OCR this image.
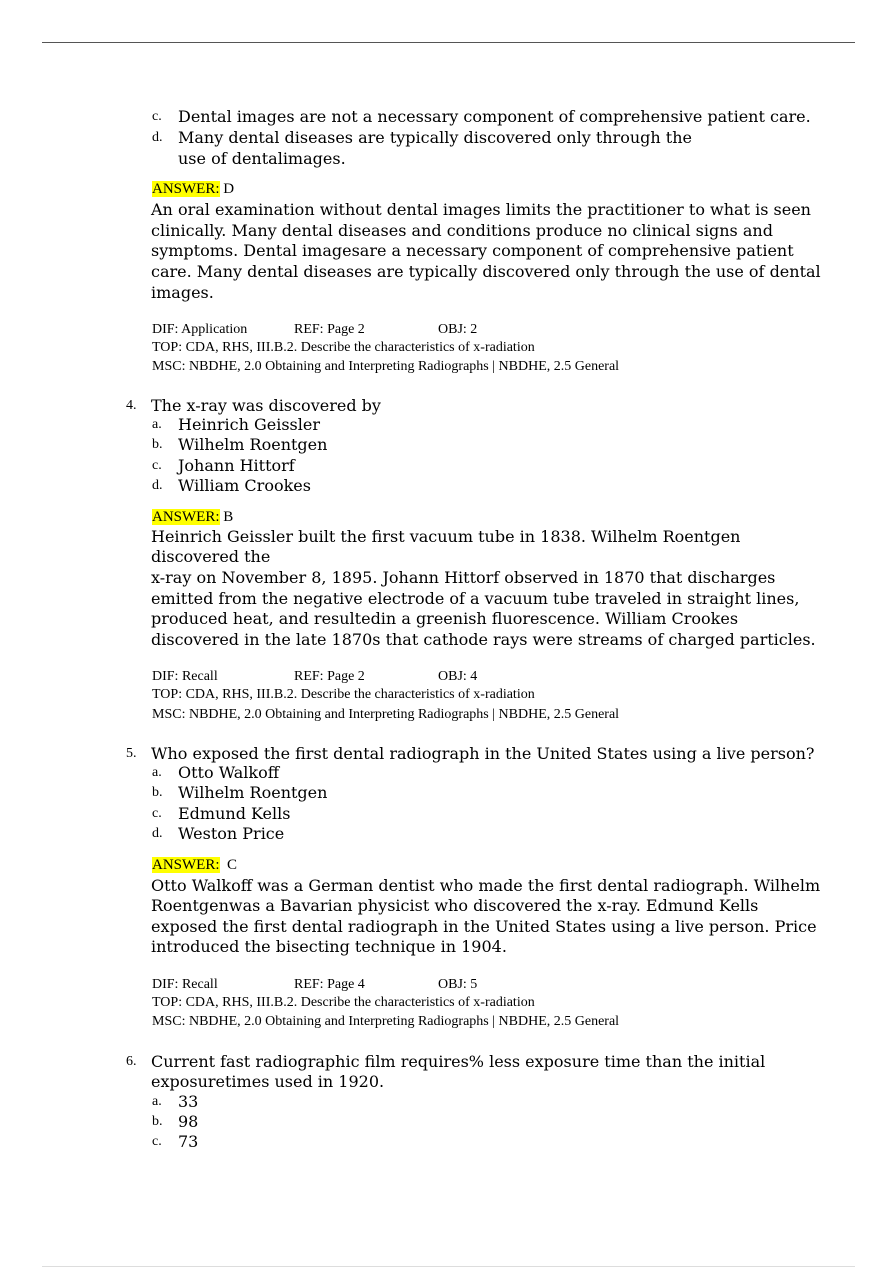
c. Dental images are not a necessary component of comprehensive patient care.
d. Many dental diseases are typically discovered only through the
use of dentalimages.
ANSWER: D
An oral examination without dental images limits the practitioner to what is seen
clinically. Many dental diseases and conditions produce no clinical signs and
symptoms. Dental imagesare a necessary component of comprehensive patient
care. Many dental diseases are typically discovered only through the use of dental
images.
DIF: Application	REF: Page 2	OBJ: 2
TOP: CDA, RHS, III.B.2. Describe the characteristics of x-radiation
MSC: NBDHE, 2.0 Obtaining and Interpreting Radiographs | NBDHE, 2.5 General
4. The x-ray was discovered by
a. Heinrich Geissler
b. Wilhelm Roentgen
c. Johann Hittorf
d. William Crookes
ANSWER: B
Heinrich Geissler built the first vacuum tube in 1838. Wilhelm Roentgen
discovered the
x-ray on November 8, 1895. Johann Hittorf observed in 1870 that discharges
emitted from the negative electrode of a vacuum tube traveled in straight lines,
produced heat, and resultedin a greenish fluorescence. William Crookes
discovered in the late 1870s that cathode rays were streams of charged particles.
DIF: Recall	REF: Page 2	OBJ: 4
TOP: CDA, RHS, III.B.2. Describe the characteristics of x-radiation
MSC: NBDHE, 2.0 Obtaining and Interpreting Radiographs | NBDHE, 2.5 General
5. Who exposed the first dental radiograph in the United States using a live person?
a. Otto Walkoff
b. Wilhelm Roentgen
c. Edmund Kells
d. Weston Price
ANSWER: C
Otto Walkoff was a German dentist who made the first dental radiograph. Wilhelm
Roentgenwas a Bavarian physicist who discovered the x-ray. Edmund Kells
exposed the first dental radiograph in the United States using a live person. Price
introduced the bisecting technique in 1904.
DIF: Recall	REF: Page 4	OBJ: 5
TOP: CDA, RHS, III.B.2. Describe the characteristics of x-radiation
MSC: NBDHE, 2.0 Obtaining and Interpreting Radiographs | NBDHE, 2.5 General
6. Current fast radiographic film requires% less exposure time than the initial
exposuretimes used in 1920.
a. 33
b. 98
c. 73
